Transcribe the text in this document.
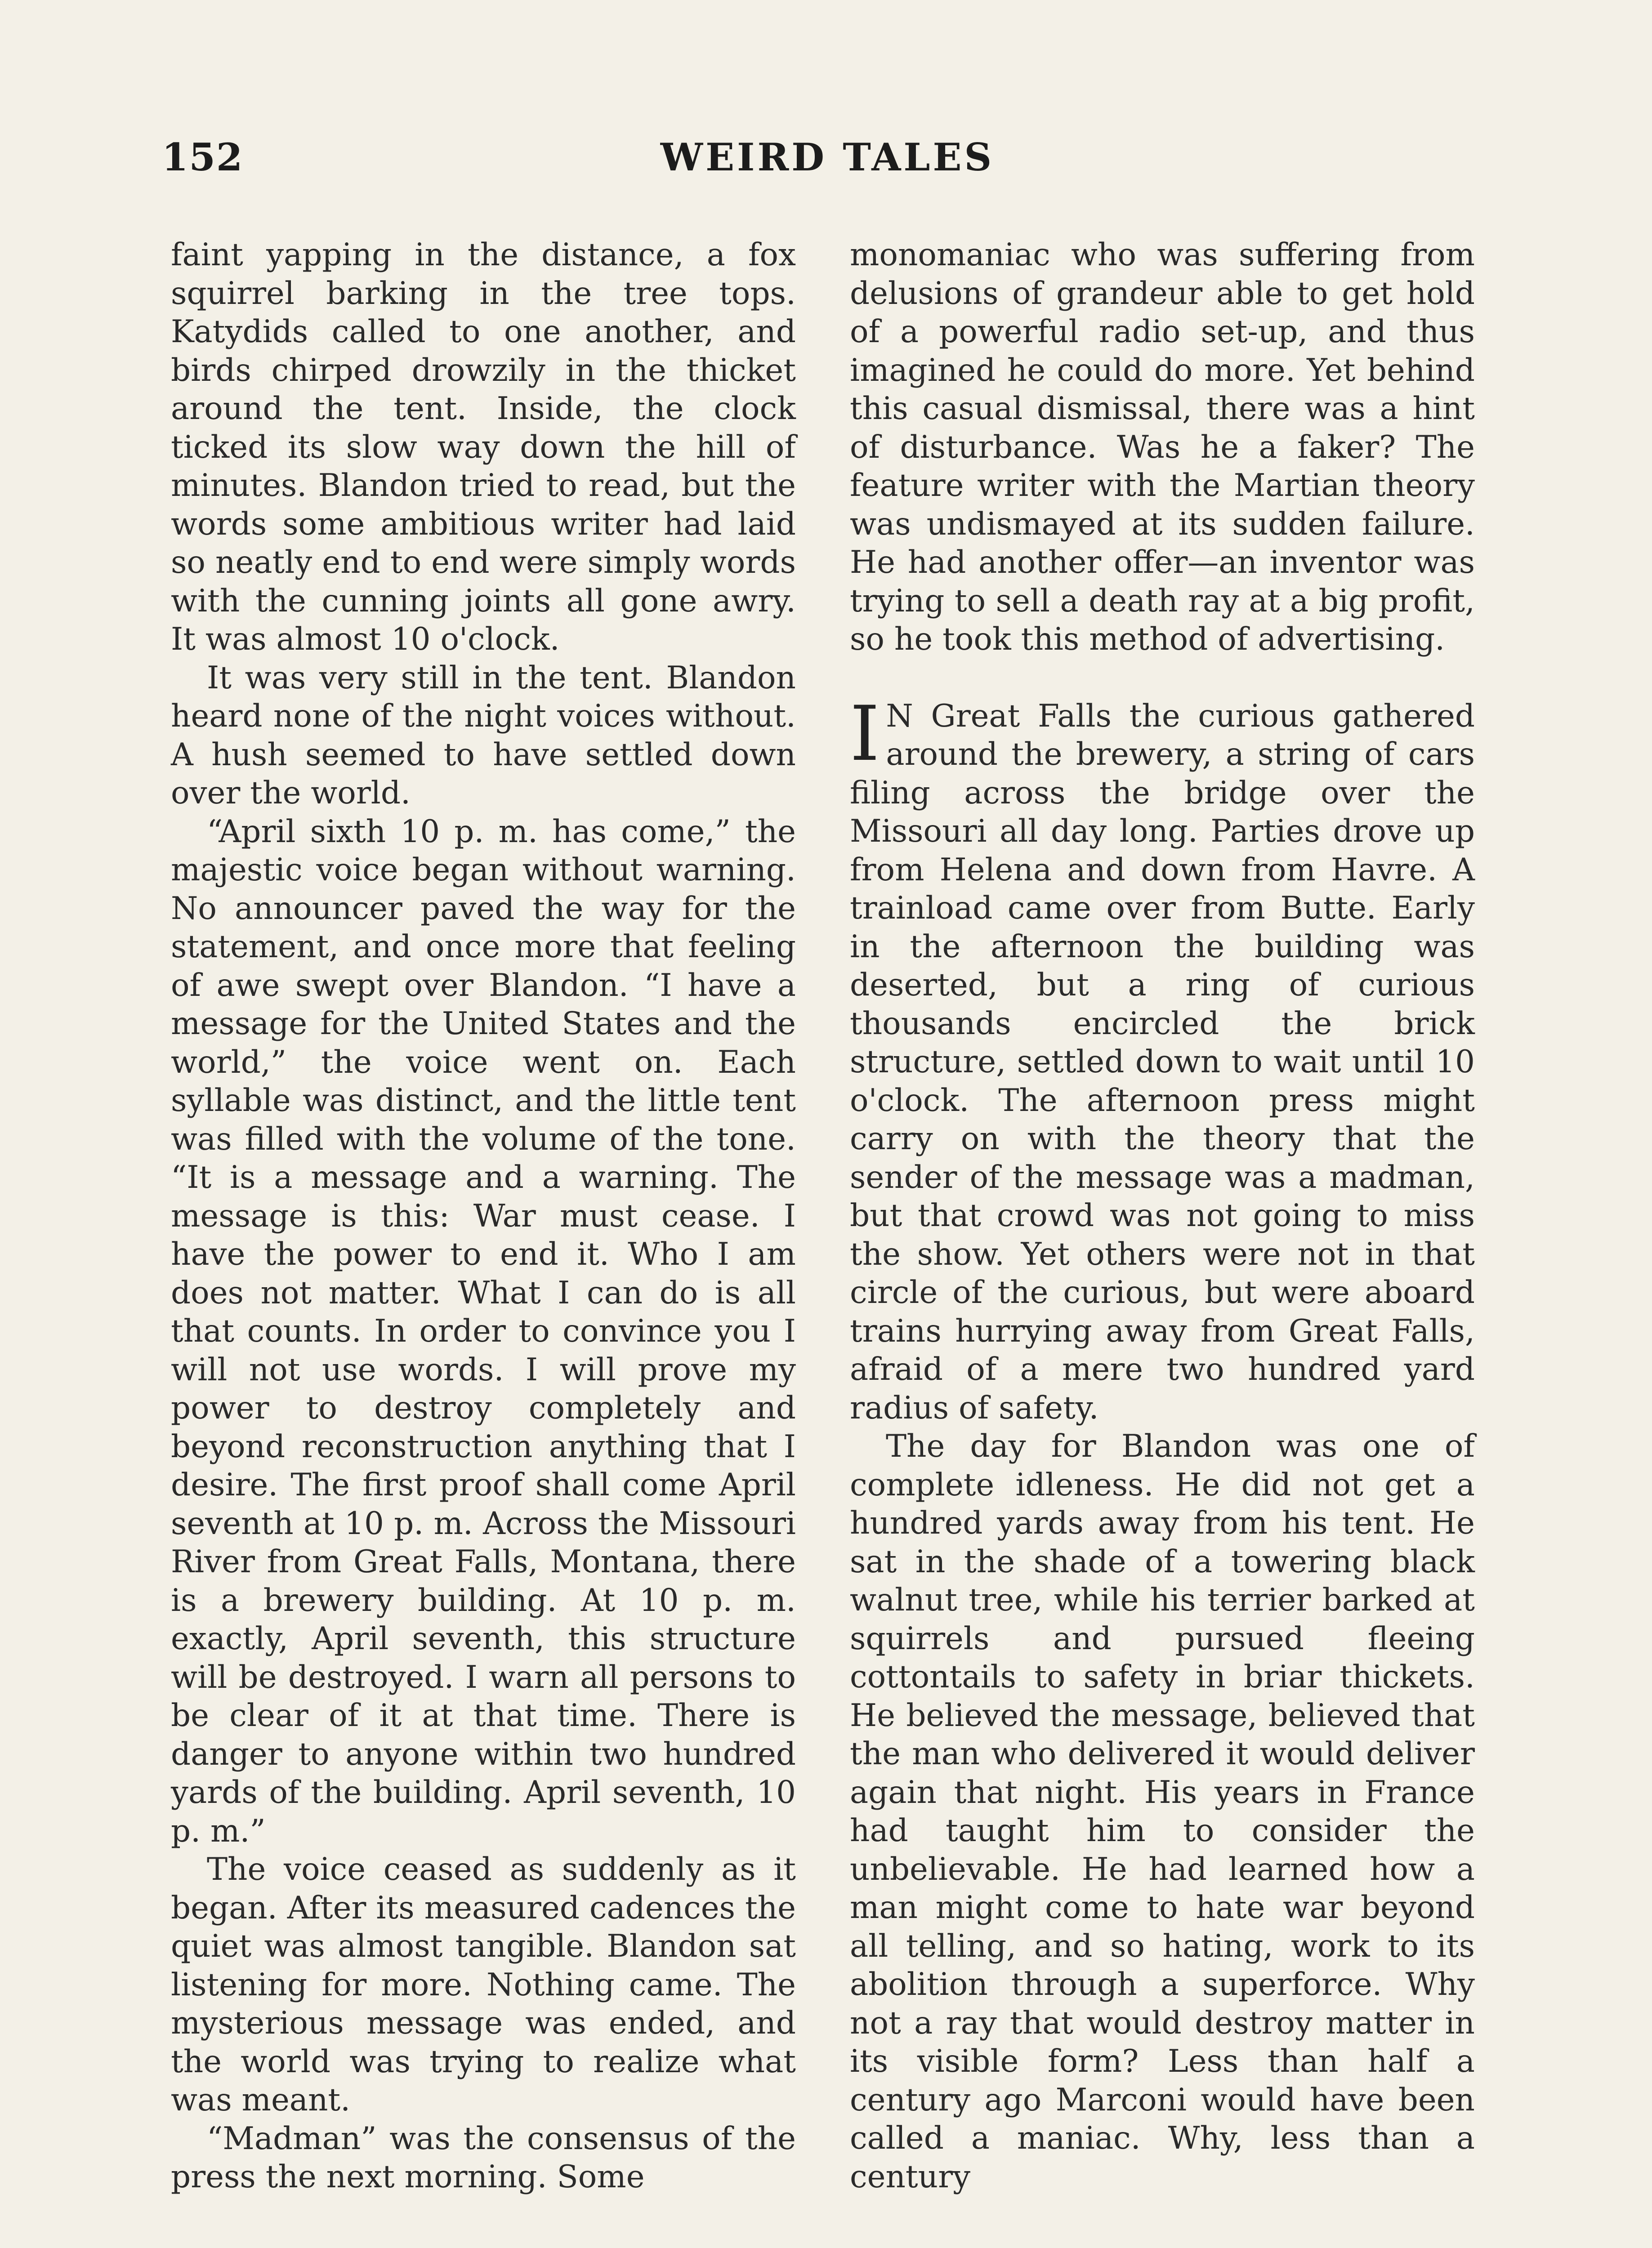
152	WEIRD TALES

faint yapping in the distance, a fox squirrel barking in the tree tops. Katydids called to one another, and birds chirped drowzily in the thicket around the tent. Inside, the clock ticked its slow way down the hill of minutes. Blandon tried to read, but the words some ambitious writer had laid so neatly end to end were simply words with the cunning joints all gone awry. It was almost 10 o'clock.

It was very still in the tent. Blandon heard none of the night voices without. A hush seemed to have settled down over the world.

“April sixth 10 p. m. has come,” the majestic voice began without warning. No announcer paved the way for the statement, and once more that feeling of awe swept over Blandon. “I have a message for the United States and the world,” the voice went on. Each syllable was distinct, and the little tent was filled with the volume of the tone. “It is a message and a warning. The message is this: War must cease. I have the power to end it. Who I am does not matter. What I can do is all that counts. In order to convince you I will not use words. I will prove my power to destroy completely and beyond reconstruction anything that I desire. The first proof shall come April seventh at 10 p. m. Across the Missouri River from Great Falls, Montana, there is a brewery building. At 10 p. m. exactly, April seventh, this structure will be destroyed. I warn all persons to be clear of it at that time. There is danger to anyone within two hundred yards of the building. April seventh, 10 p. m.”

The voice ceased as suddenly as it began. After its measured cadences the quiet was almost tangible. Blandon sat listening for more. Nothing came. The mysterious message was ended, and the world was trying to realize what was meant.

“Madman” was the consensus of the press the next morning. Some

monomaniac who was suffering from delusions of grandeur able to get hold of a powerful radio set-up, and thus imagined he could do more. Yet behind this casual dismissal, there was a hint of disturbance. Was he a faker? The feature writer with the Martian theory was undismayed at its sudden failure. He had another offer—an inventor was trying to sell a death ray at a big profit, so he took this method of advertising.

I N Great Falls the curious gathered around the brewery, a string of cars filing across the bridge over the Missouri all day long. Parties drove up from Helena and down from Havre. A trainload came over from Butte. Early in the afternoon the building was deserted, but a ring of curious thousands encircled the brick structure, settled down to wait until 10 o'clock. The afternoon press might carry on with the theory that the sender of the message was a madman, but that crowd was not going to miss the show. Yet others were not in that circle of the curious, but were aboard trains hurrying away from Great Falls, afraid of a mere two hundred yard radius of safety.

The day for Blandon was one of complete idleness. He did not get a hundred yards away from his tent. He sat in the shade of a towering black walnut tree, while his terrier barked at squirrels and pursued fleeing cottontails to safety in briar thickets. He believed the message, believed that the man who delivered it would deliver again that night. His years in France had taught him to consider the unbelievable. He had learned how a man might come to hate war beyond all telling, and so hating, work to its abolition through a superforce. Why not a ray that would destroy matter in its visible form? Less than half a century ago Marconi would have been called a maniac. Why, less than a century
